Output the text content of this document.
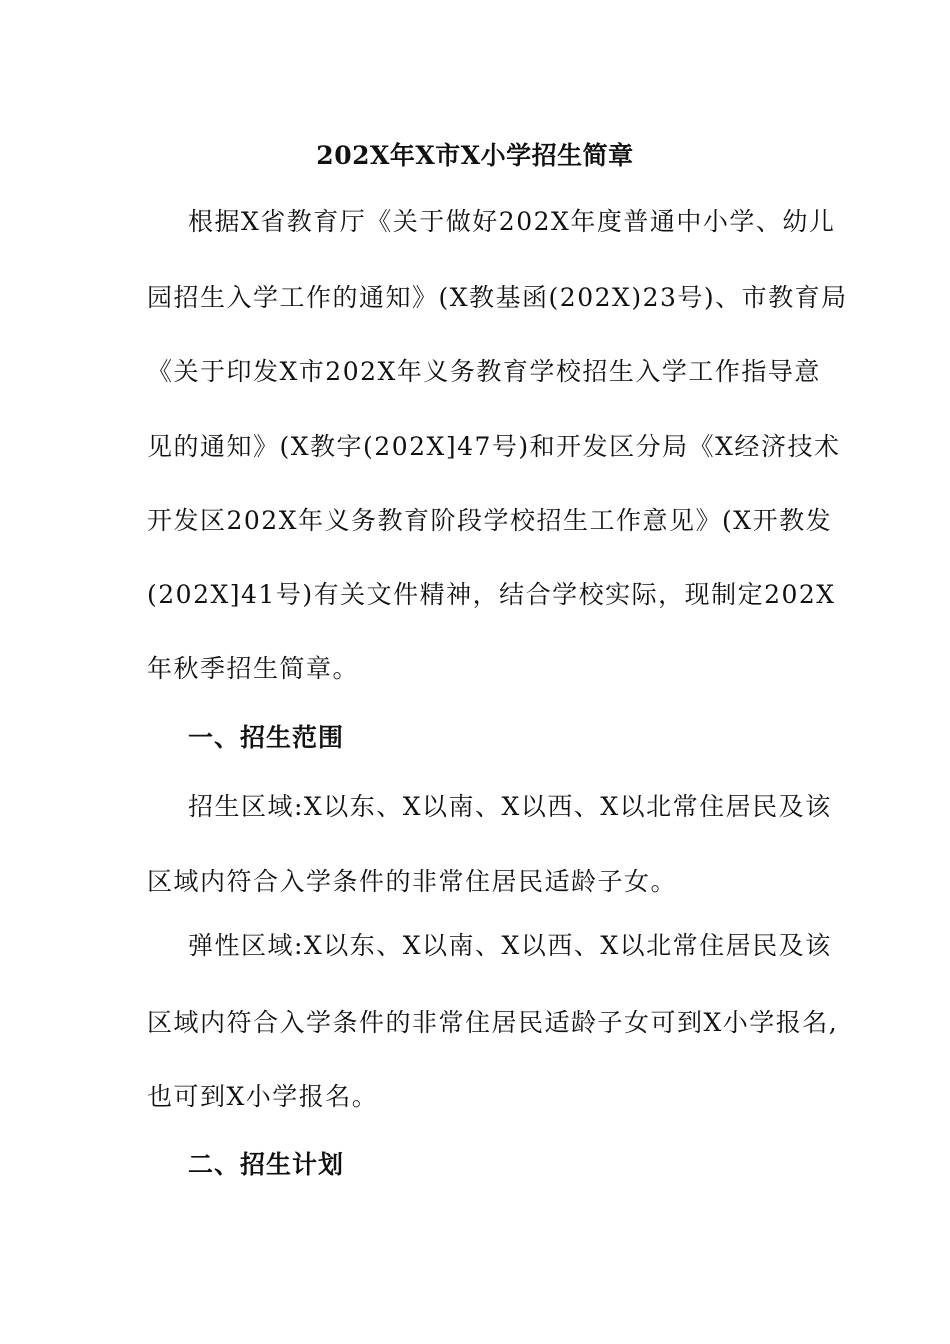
202X年X市X小学招生简章
根据X省教育厅《关于做好202X年度普通中小学、幼儿
园招生入学工作的通知》(X教基函(202X)23号)、市教育局
《关于印发X市202X年义务教育学校招生入学工作指导意
见的通知》(X教字(202X]47号)和开发区分局《X经济技术
开发区202X年义务教育阶段学校招生工作意见》(X开教发
(202X]41号)有关文件精神，结合学校实际，现制定202X
年秋季招生简章。
一、招生范围
招生区域:X以东、X以南、X以西、X以北常住居民及该
区域内符合入学条件的非常住居民适龄子女。
弹性区域:X以东、X以南、X以西、X以北常住居民及该
区域内符合入学条件的非常住居民适龄子女可到X小学报名,
也可到X小学报名。
二、招生计划
